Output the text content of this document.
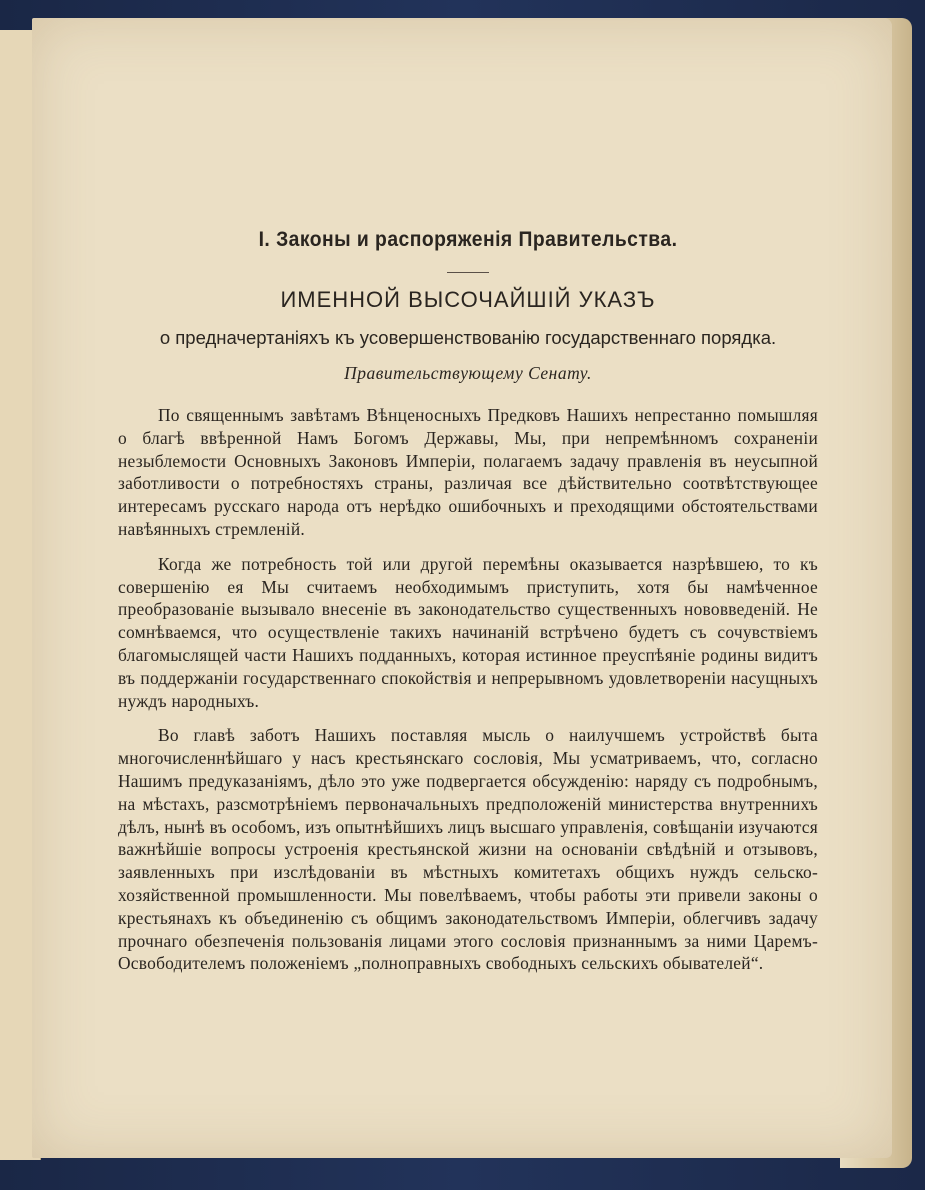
I. Законы и распоряженія Правительства.
ИМЕННОЙ ВЫСОЧАЙШІЙ УКАЗЪ
о предначертаніяхъ къ усовершенствованію государственнаго порядка.
Правительствующему Сенату.

По священнымъ завѣтамъ Вѣнценосныхъ Предковъ Нашихъ непрестанно помышляя о благѣ ввѣренной Намъ Богомъ Державы, Мы, при непремѣнномъ сохраненіи незыблемости Основныхъ Законовъ Имперіи, полагаемъ задачу правленія въ неусыпной заботливости о потребностяхъ страны, различая все дѣйствительно соотвѣтствующее интересамъ русскаго народа отъ нерѣдко ошибочныхъ и преходящими обстоятельствами навѣянныхъ стремленій.

Когда же потребность той или другой перемѣны оказывается назрѣвшею, то къ совершенію ея Мы считаемъ необходимымъ приступить, хотя бы намѣченное преобразованіе вызывало внесеніе въ законодательство существенныхъ нововведеній. Не сомнѣваемся, что осуществленіе такихъ начинаній встрѣчено будетъ съ сочувствіемъ благомыслящей части Нашихъ подданныхъ, которая истинное преуспѣяніе родины видитъ въ поддержаніи государственнаго спокойствія и непрерывномъ удовлетвореніи насущныхъ нуждъ народныхъ.

Во главѣ заботъ Нашихъ поставляя мысль о наилучшемъ устройствѣ быта многочисленнѣйшаго у насъ крестьянскаго сословія, Мы усматриваемъ, что, согласно Нашимъ предуказаніямъ, дѣло это уже подвергается обсужденію: наряду съ подробнымъ, на мѣстахъ, разсмотрѣніемъ первоначальныхъ предположеній министерства внутреннихъ дѣлъ, нынѣ въ особомъ, изъ опытнѣйшихъ лицъ высшаго управленія, совѣщаніи изучаются важнѣйшіе вопросы устроенія крестьянской жизни на основаніи свѣдѣній и отзывовъ, заявленныхъ при изслѣдованіи въ мѣстныхъ комитетахъ общихъ нуждъ сельско-хозяйственной промышленности. Мы повелѣваемъ, чтобы работы эти привели законы о крестьянахъ къ объединенію съ общимъ законодательствомъ Имперіи, облегчивъ задачу прочнаго обезпеченія пользованія лицами этого сословія признаннымъ за ними Царемъ-Освободителемъ положеніемъ „полноправныхъ свободныхъ сельскихъ обывателей“.
